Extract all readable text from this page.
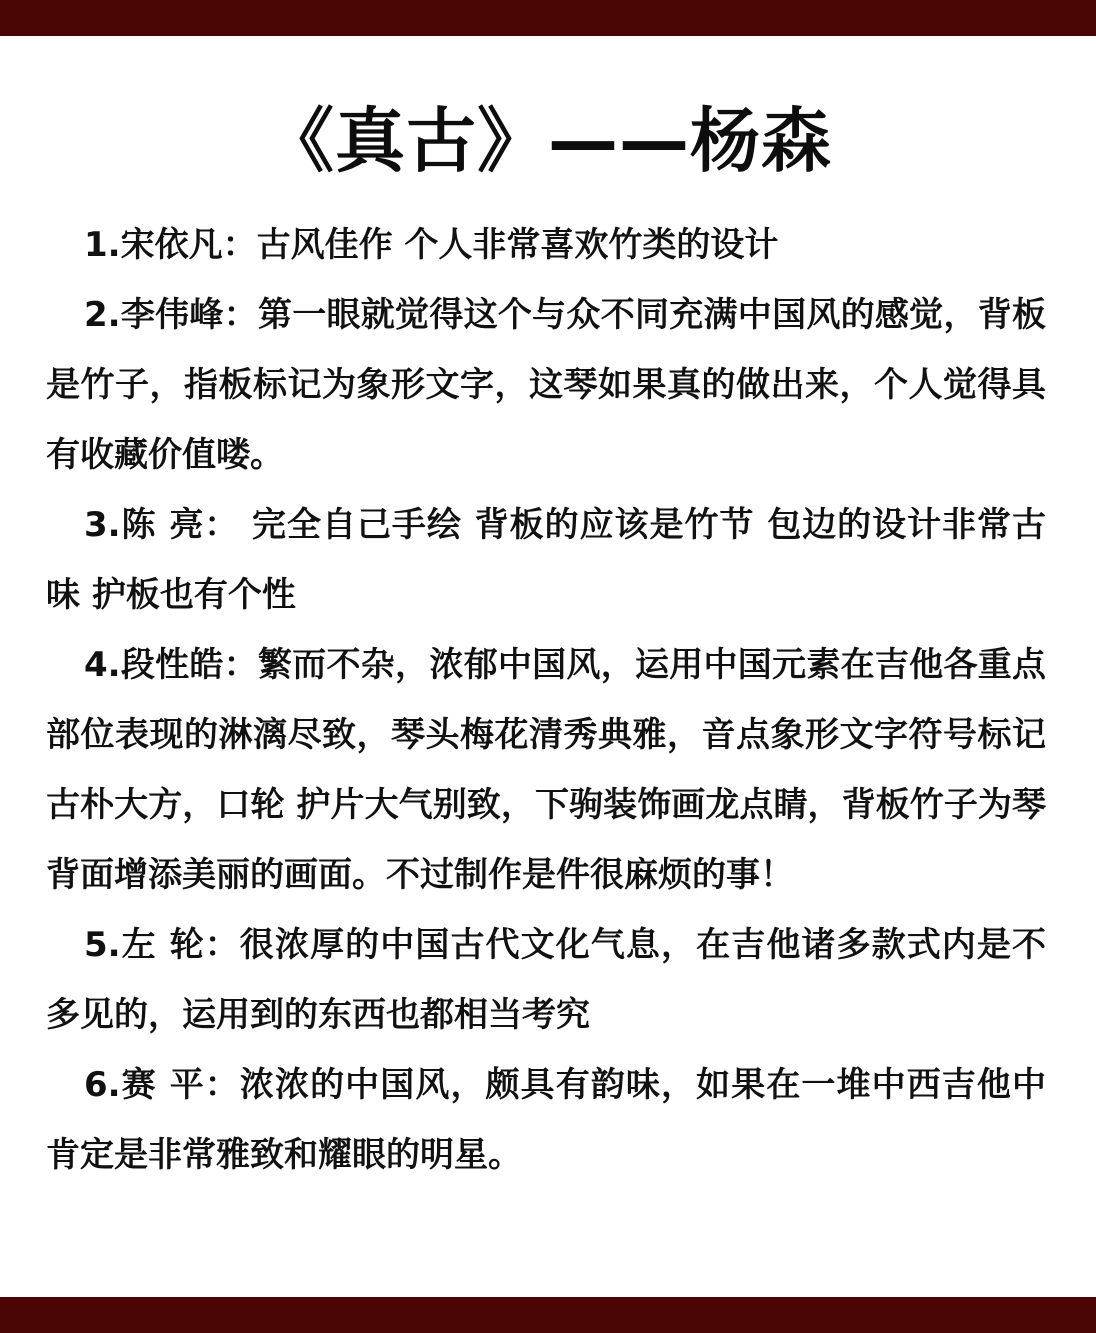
《真古》——杨森

1.宋依凡：古风佳作 个人非常喜欢竹类的设计

2.李伟峰：第一眼就觉得这个与众不同充满中国风的感觉，背板是竹子，指板标记为象形文字，这琴如果真的做出来，个人觉得具有收藏价值喽。

3.陈 亮： 完全自己手绘 背板的应该是竹节 包边的设计非常古味 护板也有个性

4.段性皓：繁而不杂，浓郁中国风，运用中国元素在吉他各重点部位表现的淋漓尽致，琴头梅花清秀典雅，音点象形文字符号标记古朴大方，口轮 护片大气别致，下驹装饰画龙点睛，背板竹子为琴背面增添美丽的画面。不过制作是件很麻烦的事！

5.左 轮：很浓厚的中国古代文化气息，在吉他诸多款式内是不多见的，运用到的东西也都相当考究

6.赛 平：浓浓的中国风，颇具有韵味，如果在一堆中西吉他中 肯定是非常雅致和耀眼的明星。
